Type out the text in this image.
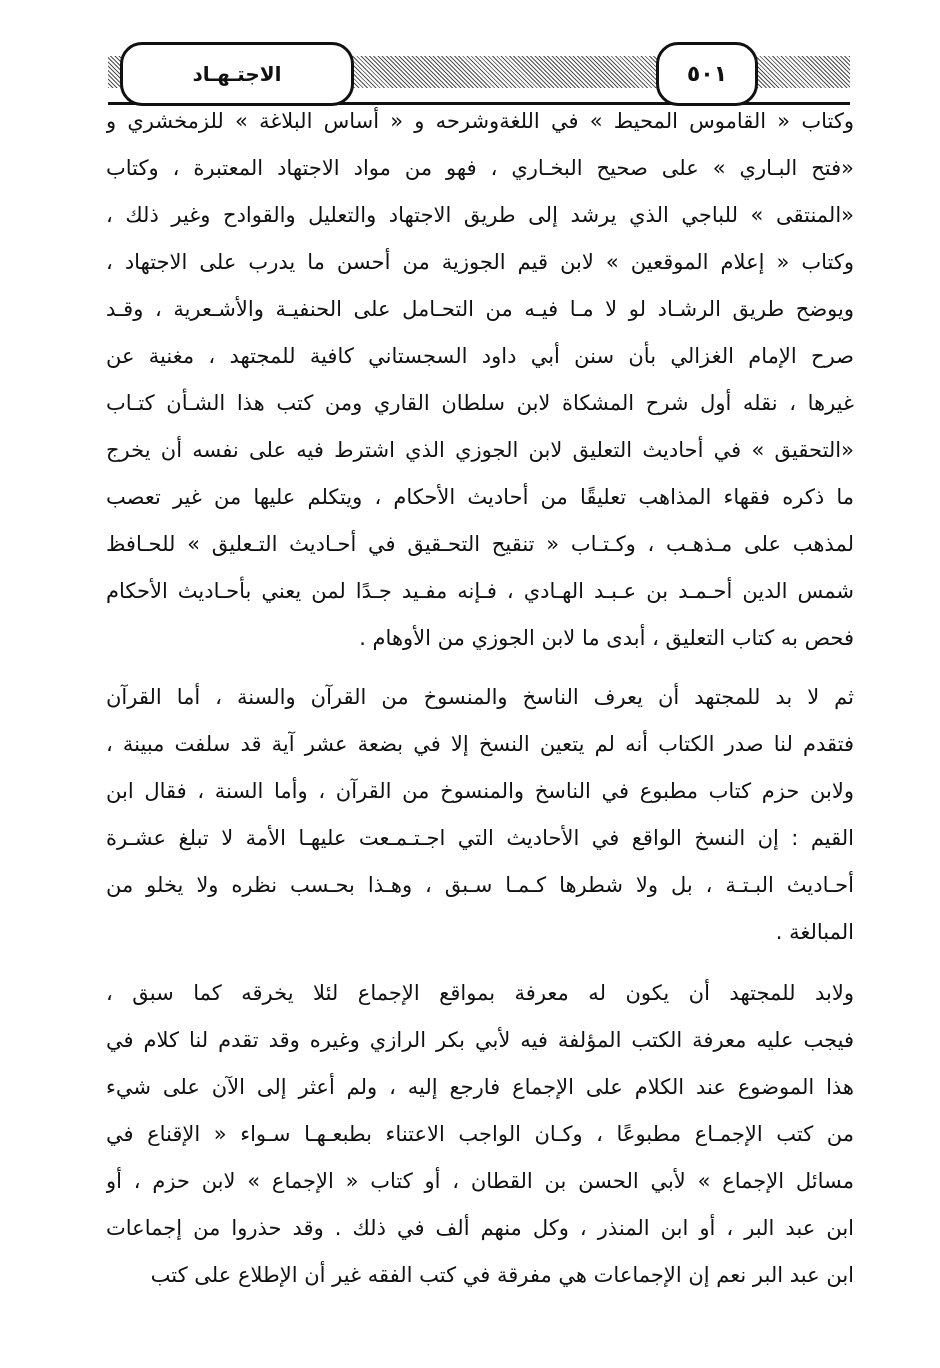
الاجتـهـاد	٥٠١
وكتاب « القاموس المحيط » في اللغةوشرحه و « أساس البلاغة » للزمخشري و
«فتح البـاري » على صحيح البخـاري ، فهو من مواد الاجتهاد المعتبرة ، وكتاب
«المنتقى » للباجي الذي يرشد إلى طريق الاجتهاد والتعليل والقوادح وغير ذلك ،
وكتاب « إعلام الموقعين » لابن قيم الجوزية من أحسن ما يدرب على الاجتهاد ،
ويوضح طريق الرشـاد لو لا مـا فيـه من التحـامل على الحنفيـة والأشـعرية ، وقـد
صرح الإمام الغزالي بأن سنن أبي داود السجستاني كافية للمجتهد ، مغنية عن
غيرها ، نقله أول شرح المشكاة لابن سلطان القاري ومن كتب هذا الشـأن كتـاب
«التحقيق » في أحاديث التعليق لابن الجوزي الذي اشترط فيه على نفسه أن يخرج
ما ذكره فقهاء المذاهب تعليقًا من أحاديث الأحكام ، ويتكلم عليها من غير تعصب
لمذهب على مـذهـب ، وكـتـاب « تنقيح التحـقيق في أحـاديث التـعليق » للحـافظ
شمس الدين أحـمـد بن عـبـد الهـادي ، فـإنه مفـيد جـدًا لمن يعني بأحـاديث الأحكام
فحص به كتاب التعليق ، أبدى ما لابن الجوزي من الأوهام .
ثم لا بد للمجتهد أن يعرف الناسخ والمنسوخ من القرآن والسنة ، أما القرآن
فتقدم لنا صدر الكتاب أنه لم يتعين النسخ إلا في بضعة عشر آية قد سلفت مبينة ،
ولابن حزم كتاب مطبوع في الناسخ والمنسوخ من القرآن ، وأما السنة ، فقال ابن
القيم : إن النسخ الواقع في الأحاديث التي اجـتـمـعت عليهـا الأمة لا تبلغ عشـرة
أحـاديث البـتـة ، بل ولا شطرها كـمـا سـبق ، وهـذا بحـسب نظره ولا يخلو من
المبالغة .
ولابد للمجتهد أن يكون له معرفة بمواقع الإجماع لئلا يخرقه كما سبق ،
فيجب عليه معرفة الكتب المؤلفة فيه لأبي بكر الرازي وغيره وقد تقدم لنا كلام في
هذا الموضوع عند الكلام على الإجماع فارجع إليه ، ولم أعثر إلى الآن على شيء
من كتب الإجمـاع مطبوعًا ، وكـان الواجب الاعتناء بطبعـهـا سـواء « الإقناع في
مسائل الإجماع » لأبي الحسن بن القطان ، أو كتاب « الإجماع » لابن حزم ، أو
ابن عبد البر ، أو ابن المنذر ، وكل منهم ألف في ذلك . وقد حذروا من إجماعات
ابن عبد البر نعم إن الإجماعات هي مفرقة في كتب الفقه غير أن الإطلاع على كتب
